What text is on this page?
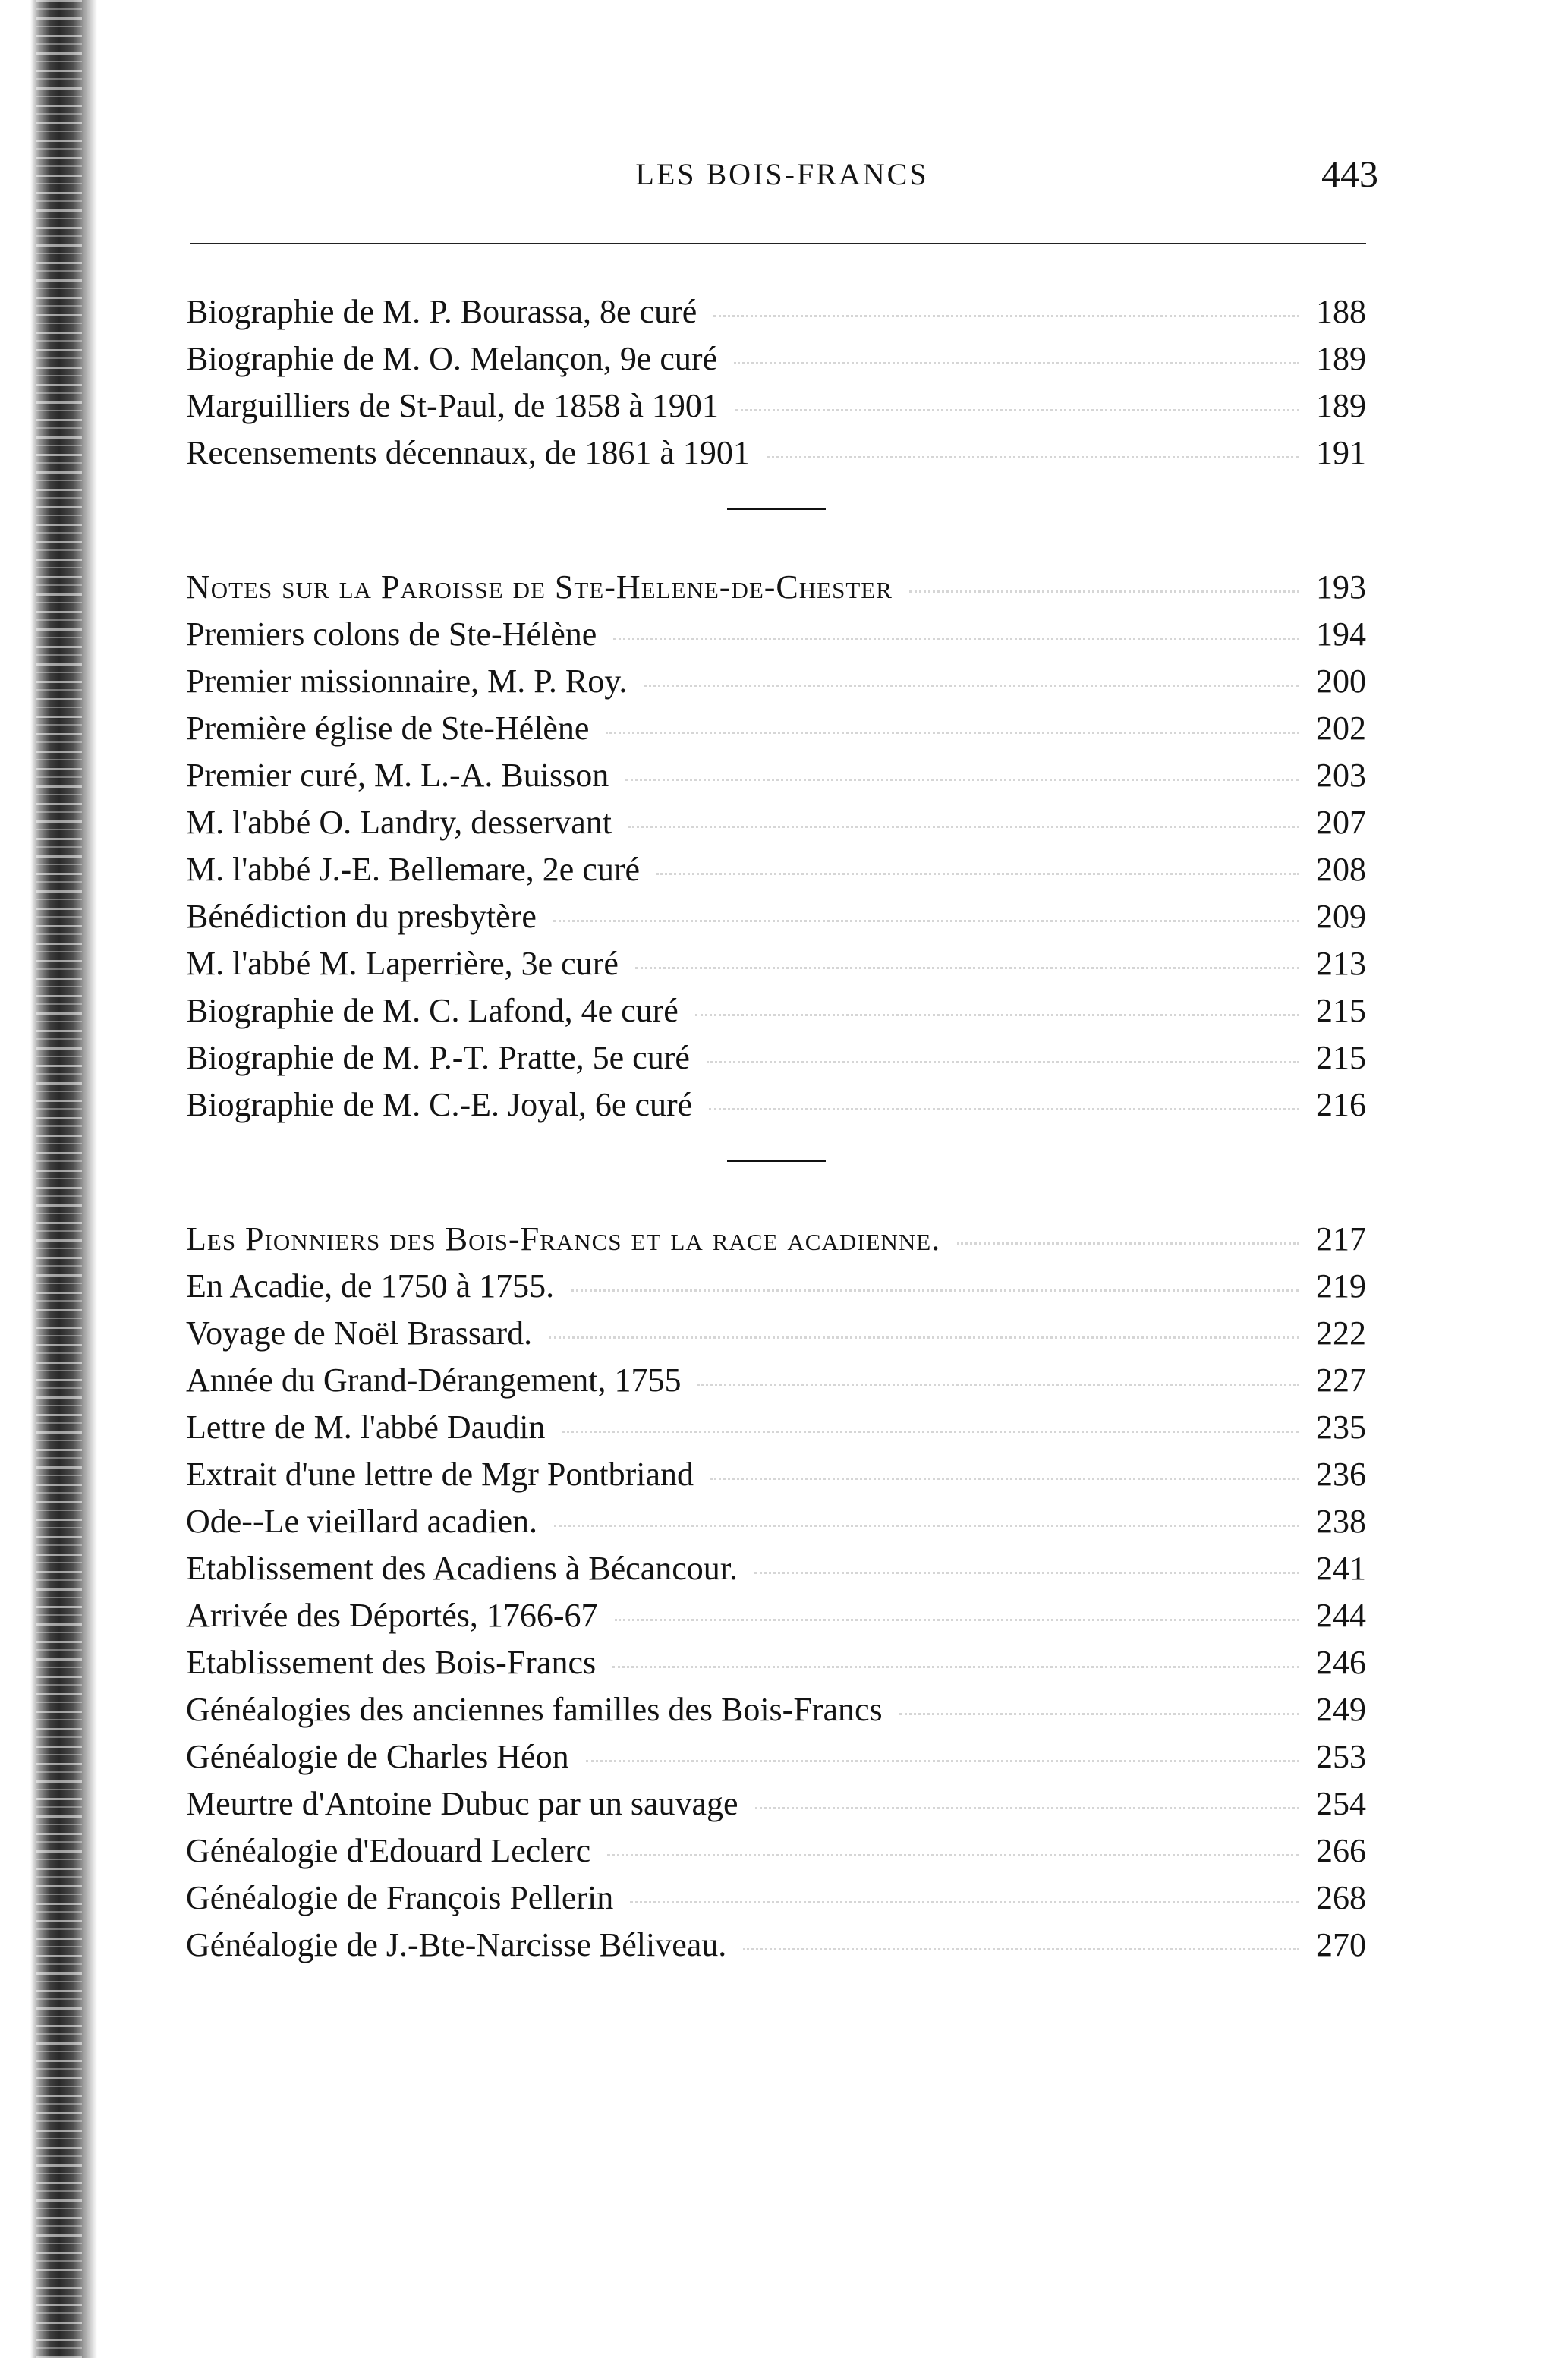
LES BOIS-FRANCS	443
Biographie de M. P. Bourassa, 8e curé	188
Biographie de M. O. Melançon, 9e curé	189
Marguilliers de St-Paul, de 1858 à 1901	189
Recensements décennaux, de 1861 à 1901	191
Notes sur la Paroisse de Ste-Helene-de-Chester	193
Premiers colons de Ste-Hélène	194
Premier missionnaire, M. P. Roy.	200
Première église de Ste-Hélène	202
Premier curé, M. L.-A. Buisson	203
M. l'abbé O. Landry, desservant	207
M. l'abbé J.-E. Bellemare, 2e curé	208
Bénédiction du presbytère	209
M. l'abbé M. Laperrière, 3e curé	213
Biographie de M. C. Lafond, 4e curé	215
Biographie de M. P.-T. Pratte, 5e curé	215
Biographie de M. C.-E. Joyal, 6e curé	216
Les Pionniers des Bois-Francs et la race acadienne.	217
En Acadie, de 1750 à 1755.	219
Voyage de Noël Brassard.	222
Année du Grand-Dérangement, 1755	227
Lettre de M. l'abbé Daudin	235
Extrait d'une lettre de Mgr Pontbriand	236
Ode--Le vieillard acadien.	238
Etablissement des Acadiens à Bécancour.	241
Arrivée des Déportés, 1766-67	244
Etablissement des Bois-Francs	246
Généalogies des anciennes familles des Bois-Francs	249
Généalogie de Charles Héon	253
Meurtre d'Antoine Dubuc par un sauvage	254
Généalogie d'Edouard Leclerc	266
Généalogie de François Pellerin	268
Généalogie de J.-Bte-Narcisse Béliveau.	270
